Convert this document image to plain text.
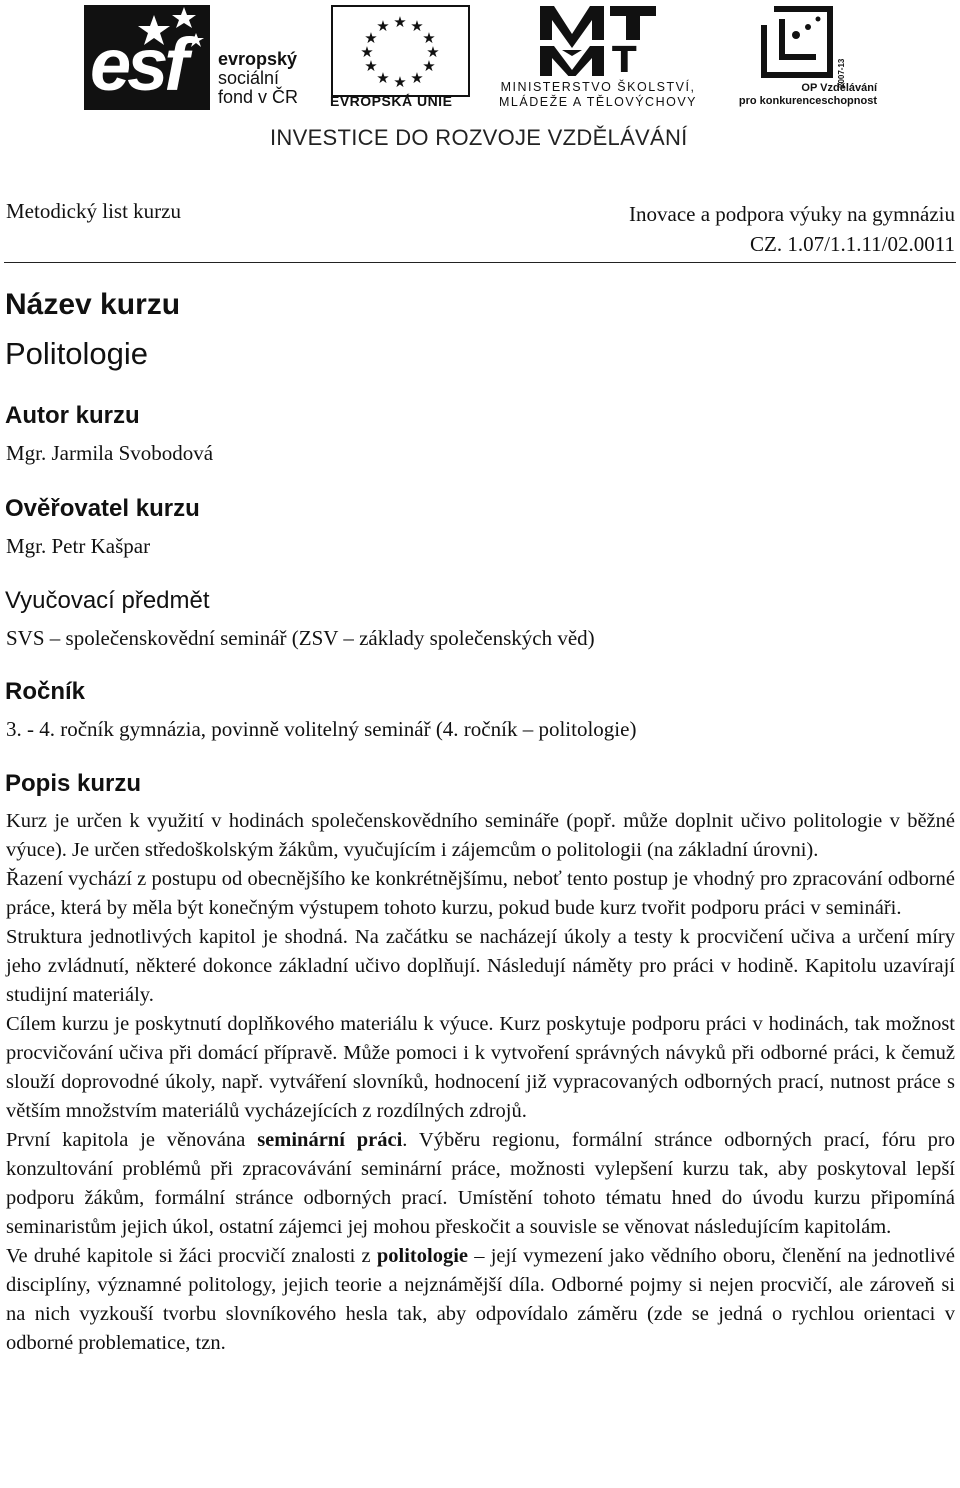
esf evropský
sociální
fond v ČR
★ ★
★
★
★
★
★
★
★
★
★
★
EVROPSKÁ UNIE
T
MINISTERSTVO ŠKOLSTVÍ,
MLÁDEŽE A TĚLOVÝCHOVY
2007-13
OP Vzdělávání
pro konkurenceschopnost
INVESTICE DO ROZVOJE VZDĚLÁVÁNÍ
Metodický list kurzu	Inovace a podpora výuky na gymnáziu
CZ. 1.07/1.1.11/02.0011
Název kurzu
Politologie
Autor kurzu
Mgr. Jarmila Svobodová
Ověřovatel kurzu
Mgr. Petr Kašpar
Vyučovací předmět
SVS – společenskovědní seminář (ZSV – základy společenských věd)
Ročník
3. - 4. ročník gymnázia, povinně volitelný seminář (4. ročník – politologie)
Popis kurzu

Kurz je určen k využití v hodinách společenskovědního semináře (popř. může doplnit učivo politologie v běžné výuce). Je určen středoškolským žákům, vyučujícím i zájemcům o politologii (na základní úrovni).

Řazení vychází z postupu od obecnějšího ke konkrétnějšímu, neboť tento postup je vhodný pro zpracování odborné práce, která by měla být konečným výstupem tohoto kurzu, pokud bude kurz tvořit podporu práci v semináři.

Struktura jednotlivých kapitol je shodná. Na začátku se nacházejí úkoly a testy k procvičení učiva a určení míry jeho zvládnutí, některé dokonce základní učivo doplňují. Následují náměty pro práci v hodině. Kapitolu uzavírají studijní materiály.

Cílem kurzu je poskytnutí doplňkového materiálu k výuce. Kurz poskytuje podporu práci v hodinách, tak možnost procvičování učiva při domácí přípravě. Může pomoci i k vytvoření správných návyků při odborné práci, k čemuž slouží doprovodné úkoly, např. vytváření slovníků, hodnocení již vypracovaných odborných prací, nutnost práce s větším množstvím materiálů vycházejících z rozdílných zdrojů.

První kapitola je věnována seminární práci. Výběru regionu, formální stránce odborných prací, fóru pro konzultování problémů při zpracovávání seminární práce, možnosti vylepšení kurzu tak, aby poskytoval lepší podporu žákům, formální stránce odborných prací. Umístění tohoto tématu hned do úvodu kurzu připomíná seminaristům jejich úkol, ostatní zájemci jej mohou přeskočit a souvisle se věnovat následujícím kapitolám.

Ve druhé kapitole si žáci procvičí znalosti z politologie – její vymezení jako vědního oboru, členění na jednotlivé disciplíny, významné politology, jejich teorie a nejznámější díla. Odborné pojmy si nejen procvičí, ale zároveň si na nich vyzkouší tvorbu slovníkového hesla tak, aby odpovídalo záměru (zde se jedná o rychlou orientaci v odborné problematice, tzn.
